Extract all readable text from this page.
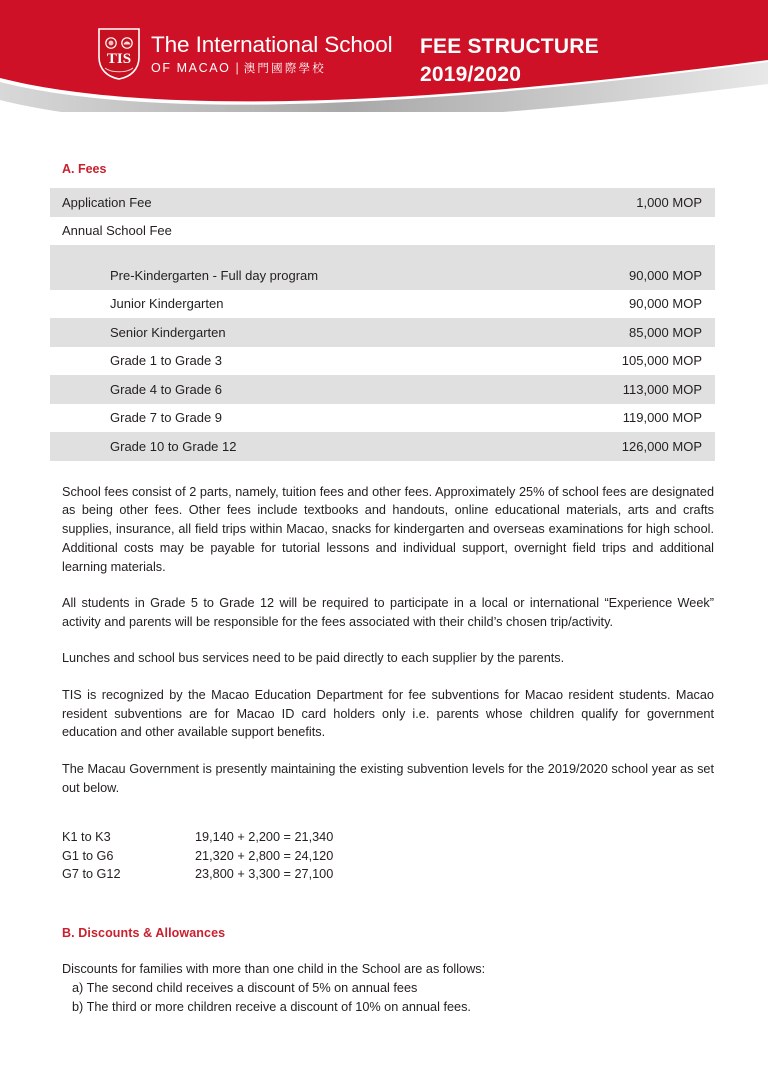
TIS
The International School
OF MACAO | 澳門國際學校
FEE STRUCTURE
2019/2020
A. Fees
Application Fee	1,000 MOP
Annual School Fee
Pre-Kindergarten - Full day program	90,000 MOP
Junior Kindergarten	90,000 MOP
Senior Kindergarten	85,000 MOP
Grade 1 to Grade 3	105,000 MOP
Grade 4 to Grade 6	113,000 MOP
Grade 7 to Grade 9	119,000 MOP
Grade 10 to Grade 12	126,000 MOP

School fees consist of 2 parts, namely, tuition fees and other fees. Approximately 25% of school fees are designated as being other fees. Other fees include textbooks and handouts, online educational materials, arts and crafts supplies, insurance, all field trips within Macao, snacks for kindergarten and overseas examinations for high school. Additional costs may be payable for tutorial lessons and individual support, overnight field trips and additional learning materials.

All students in Grade 5 to Grade 12 will be required to participate in a local or international “Experience Week” activity and parents will be responsible for the fees associated with their child’s chosen trip/activity.

Lunches and school bus services need to be paid directly to each supplier by the parents.

TIS is recognized by the Macao Education Department for fee subventions for Macao resident students. Macao resident subventions are for Macao ID card holders only i.e. parents whose children qualify for government education and other available support benefits.

The Macau Government is presently maintaining the existing subvention levels for the 2019/2020 school year as set out below.

K1 to K3	19,140 + 2,200 = 21,340
G1 to G6	21,320 + 2,800 = 24,120
G7 to G12	23,800 + 3,300 = 27,100
B. Discounts & Allowances
Discounts for families with more than one child in the School are as follows:
a) The second child receives a discount of 5% on annual fees
b) The third or more children receive a discount of 10% on annual fees.
